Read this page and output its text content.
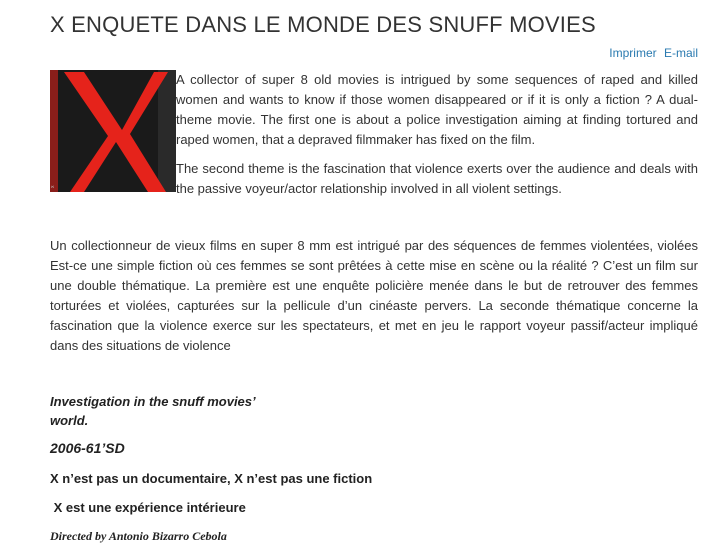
X ENQUETE DANS LE MONDE DES SNUFF MOVIES
Imprimer E-mail
x

A collector of super 8 old movies is intrigued by some sequences of raped and killed women and wants to know if those women disappeared or if it is only a fiction ? A dual-theme movie. The first one is about a police investigation aiming at finding tortured and raped women, that a depraved filmmaker has fixed on the film.

The second theme is the fascination that violence exerts over the audience and deals with the passive voyeur/actor relationship involved in all violent settings.

Un collectionneur de vieux films en super 8 mm est intrigué par des séquences de femmes violentées, violées Est-ce une simple fiction où ces femmes se sont prêtées à cette mise en scène ou la réalité ? C’est un film sur une double thématique. La première est une enquête policière menée dans le but de retrouver des femmes torturées et violées, capturées sur la pellicule d’un cinéaste pervers. La seconde thématique concerne la fascination que la violence exerce sur les spectateurs, et met en jeu le rapport voyeur passif/acteur impliqué dans des situations de violence

Investigation in the snuff movies’ world.

2006-61’SD

X n’est pas un documentaire, X n’est pas une fiction

X est une expérience intérieure

Directed by Antonio Bizarro Cebola
